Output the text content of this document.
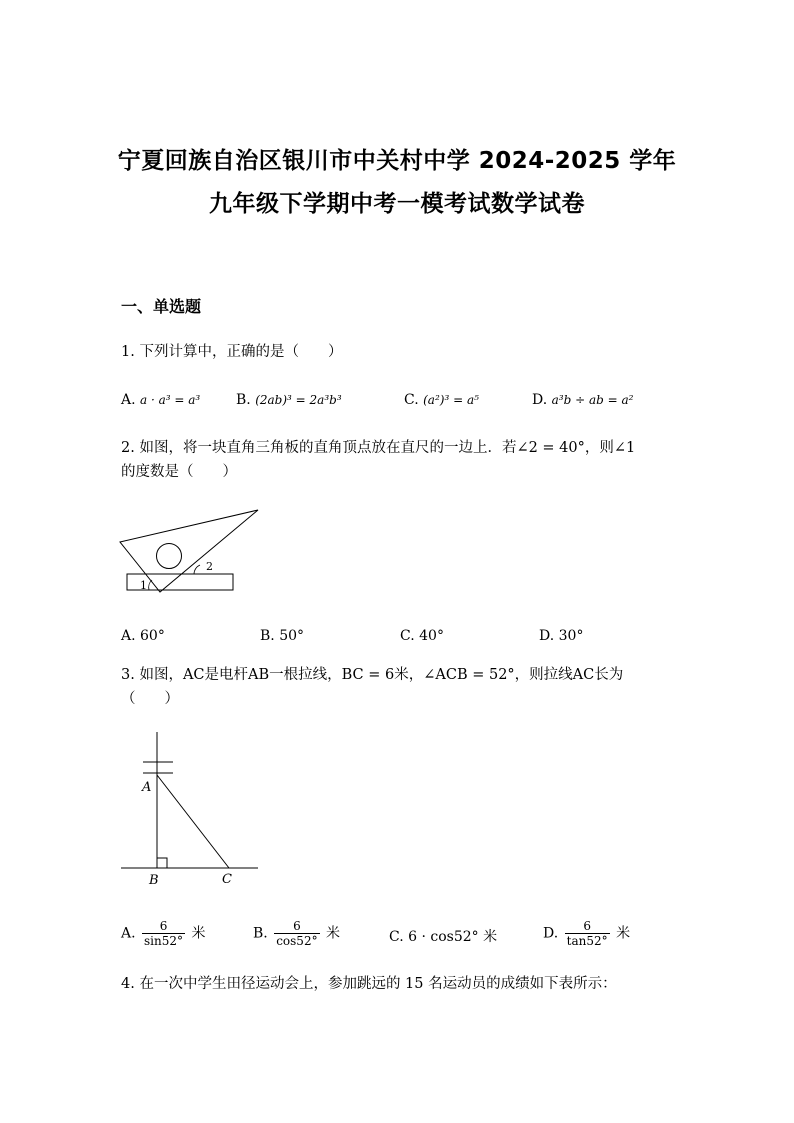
宁夏回族自治区银川市中关村中学 2024-2025 学年
九年级下学期中考一模考试数学试卷
一、单选题
1. 下列计算中，正确的是（　　）
A. a · a³ = a³	B. (2ab)³ = 2a³b³	C. (a²)³ = a⁵	D. a³b ÷ ab = a²
2. 如图，将一块直角三角板的直角顶点放在直尺的一边上．若∠2 = 40°，则∠1
的度数是（　　）
1
2
A. 60°	B. 50°	C. 40°	D. 30°
3. 如图，AC是电杆AB一根拉线，BC = 6米，∠ACB = 52°，则拉线AC长为
（　　）
A
B	C
A. $\frac{6}{\sin 52^\circ}$ 米	B. $\frac{6}{\cos 52^\circ}$ 米	C. 6 · cos52° 米	D. $\frac{6}{\tan 52^\circ}$ 米
4. 在一次中学生田径运动会上，参加跳远的 15 名运动员的成绩如下表所示：
